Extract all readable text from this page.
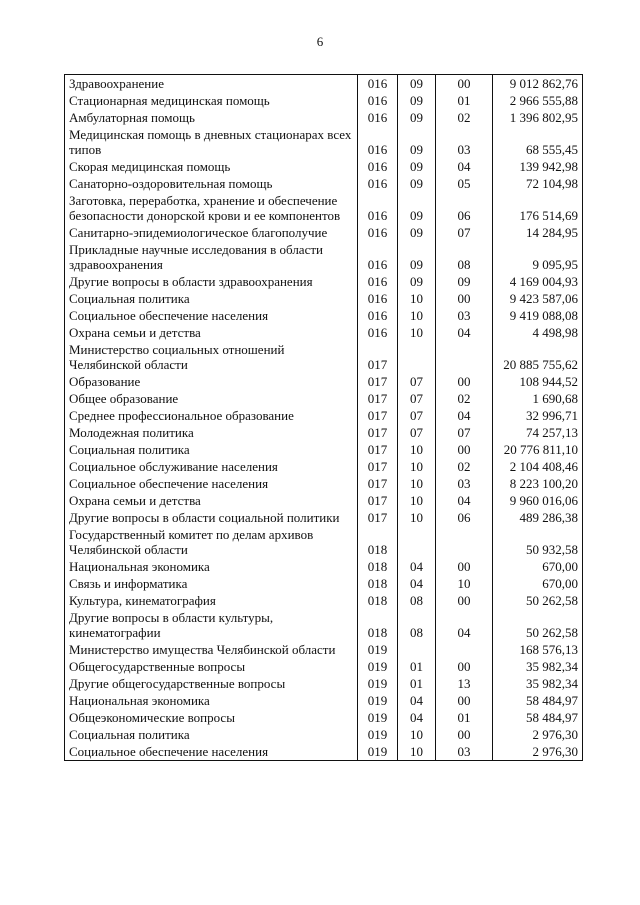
6
Здравоохранение	016	09	00	9 012 862,76
Стационарная медицинская помощь	016	09	01	2 966 555,88
Амбулаторная помощь	016	09	02	1 396 802,95
Медицинская помощь в дневных стационарах всех типов	016	09	03	68 555,45
Скорая медицинская помощь	016	09	04	139 942,98
Санаторно-оздоровительная помощь	016	09	05	72 104,98
Заготовка, переработка, хранение и обеспечение безопасности донорской крови и ее компонентов	016	09	06	176 514,69
Санитарно-эпидемиологическое благополучие	016	09	07	14 284,95
Прикладные научные исследования в области здравоохранения	016	09	08	9 095,95
Другие вопросы в области здравоохранения	016	09	09	4 169 004,93
Социальная политика	016	10	00	9 423 587,06
Социальное обеспечение населения	016	10	03	9 419 088,08
Охрана семьи и детства	016	10	04	4 498,98
Министерство социальных отношений Челябинской области	017			20 885 755,62
Образование	017	07	00	108 944,52
Общее образование	017	07	02	1 690,68
Среднее профессиональное образование	017	07	04	32 996,71
Молодежная политика	017	07	07	74 257,13
Социальная политика	017	10	00	20 776 811,10
Социальное обслуживание населения	017	10	02	2 104 408,46
Социальное обеспечение населения	017	10	03	8 223 100,20
Охрана семьи и детства	017	10	04	9 960 016,06
Другие вопросы в области социальной политики	017	10	06	489 286,38
Государственный комитет по делам архивов Челябинской области	018			50 932,58
Национальная экономика	018	04	00	670,00
Связь и информатика	018	04	10	670,00
Культура, кинематография	018	08	00	50 262,58
Другие вопросы в области культуры, кинематографии	018	08	04	50 262,58
Министерство имущества Челябинской области	019			168 576,13
Общегосударственные вопросы	019	01	00	35 982,34
Другие общегосударственные вопросы	019	01	13	35 982,34
Национальная экономика	019	04	00	58 484,97
Общеэкономические вопросы	019	04	01	58 484,97
Социальная политика	019	10	00	2 976,30
Социальное обеспечение населения	019	10	03	2 976,30
